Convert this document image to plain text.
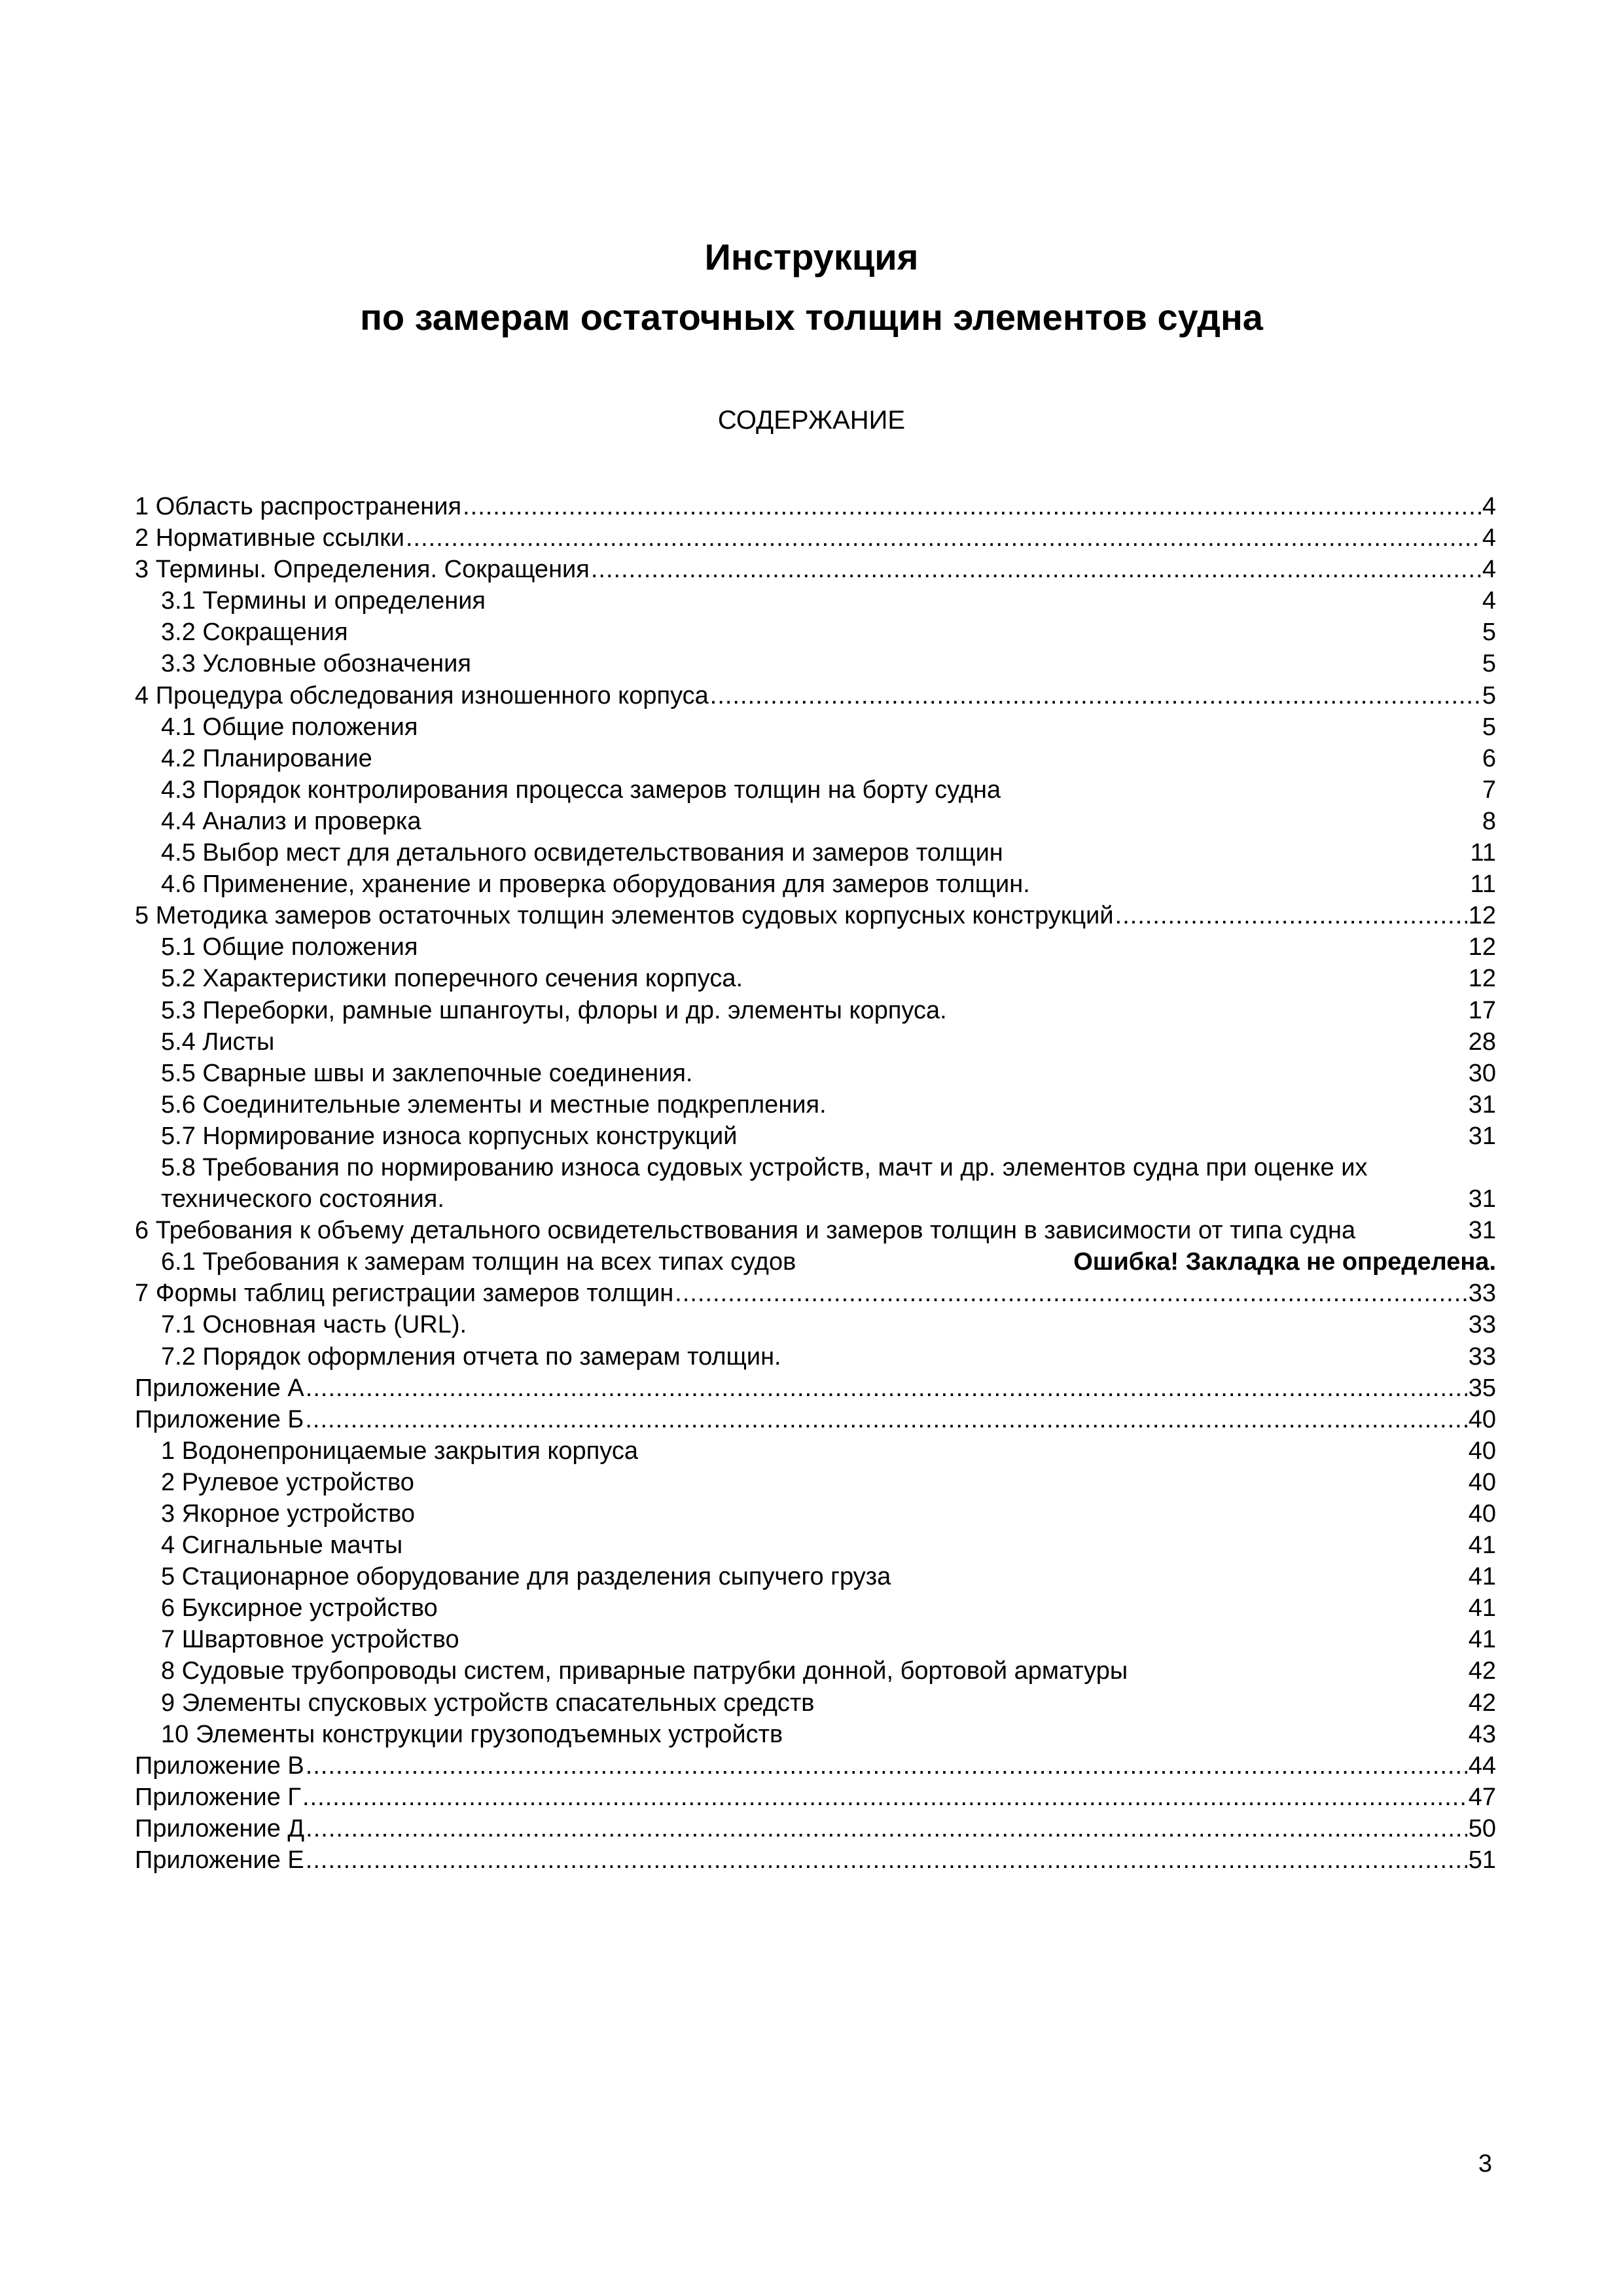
Инструкция
по замерам остаточных толщин элементов судна
СОДЕРЖАНИЕ
1 Область распространения .....	4
2 Нормативные ссылки .....	4
3 Термины. Определения. Сокращения .....	4
3.1 Термины и определения	4
3.2 Сокращения	5
3.3 Условные обозначения	5
4 Процедура обследования изношенного корпуса .....	5
4.1 Общие положения	5
4.2 Планирование	6
4.3 Порядок контролирования процесса замеров толщин на борту судна	7
4.4 Анализ и проверка	8
4.5 Выбор мест для детального освидетельствования и замеров толщин	11
4.6 Применение, хранение и проверка оборудования для замеров толщин.	11
5 Методика замеров остаточных толщин элементов судовых корпусных конструкций .....	12
5.1 Общие положения	12
5.2 Характеристики поперечного сечения корпуса.	12
5.3 Переборки, рамные шпангоуты, флоры и др. элементы корпуса.	17
5.4 Листы	28
5.5 Сварные швы и заклепочные соединения.	30
5.6 Соединительные элементы и местные подкрепления.	31
5.7 Нормирование износа корпусных конструкций	31
5.8 Требования по нормированию износа судовых устройств, мачт и др. элементов судна при оценке их
технического состояния.	31
6 Требования к объему детального освидетельствования и замеров толщин в зависимости от типа судна	31
6.1 Требования к замерам толщин на всех типах судов	Ошибка! Закладка не определена.
7 Формы таблиц регистрации замеров толщин .....	33
7.1 Основная часть (URL).	33
7.2 Порядок оформления отчета по замерам толщин.	33
Приложение А .....	35
Приложение Б .....	40
1 Водонепроницаемые закрытия корпуса	40
2 Рулевое устройство	40
3 Якорное устройство	40
4 Сигнальные мачты	41
5 Стационарное оборудование для разделения сыпучего груза	41
6 Буксирное устройство	41
7 Швартовное устройство	41
8 Судовые трубопроводы систем, приварные патрубки донной, бортовой арматуры	42
9 Элементы спусковых устройств спасательных средств	42
10 Элементы конструкции грузоподъемных устройств	43
Приложение В .....	44
Приложение Г .....	47
Приложение Д .....	50
Приложение Е .....	51
3
